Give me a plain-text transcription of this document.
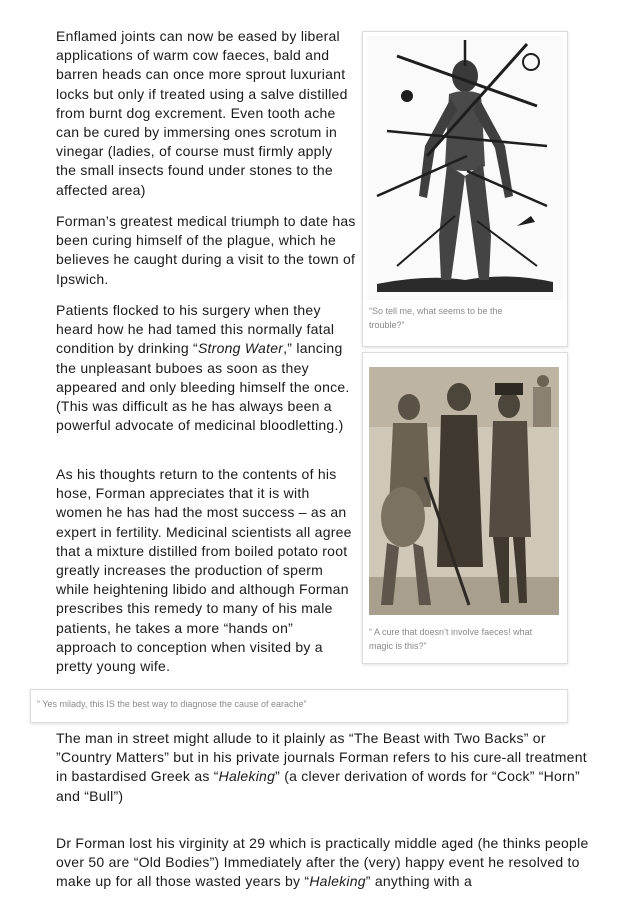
Enflamed joints can now be eased by liberal applications of warm cow faeces, bald and barren heads can once more sprout luxuriant locks but only if treated using a salve distilled from burnt dog excrement. Even tooth ache can be cured by immersing ones scrotum in vinegar (ladies, of course must firmly apply the small insects found under stones to the affected area)

Forman’s greatest medical triumph to date has been curing himself of the plague, which he believes he caught during a visit to the town of Ipswich.

Patients flocked to his surgery when they heard how he had tamed this normally fatal condition by drinking “Strong Water,” lancing the unpleasant buboes as soon as they appeared and only bleeding himself the once. (This was difficult as he has always been a powerful advocate of medicinal bloodletting.)

As his thoughts return to the contents of his hose, Forman appreciates that it is with women he has had the most success – as an expert in fertility. Medicinal scientists all agree that a mixture distilled from boiled potato root greatly increases the production of sperm while heightening libido and although Forman prescribes this remedy to many of his male patients, he takes a more “hands on” approach to conception when visited by a pretty young wife.

The man in street might allude to it plainly as “The Beast with Two Backs” or ”Country Matters” but in his private journals Forman refers to his cure-all treatment in bastardised Greek as “Haleking” (a clever derivation of words for “Cock” “Horn” and “Bull”)

Dr Forman lost his virginity at 29 which is practically middle aged (he thinks people over 50 are “Old Bodies”) Immediately after the (very) happy event he resolved to make up for all those wasted years by “Haleking” anything with a

“So tell me, what seems to be the trouble?”
“ A cure that doesn’t involve faeces! what magic is this?”
“ Yes milady, this IS the best way to diagnose the cause of earache”
